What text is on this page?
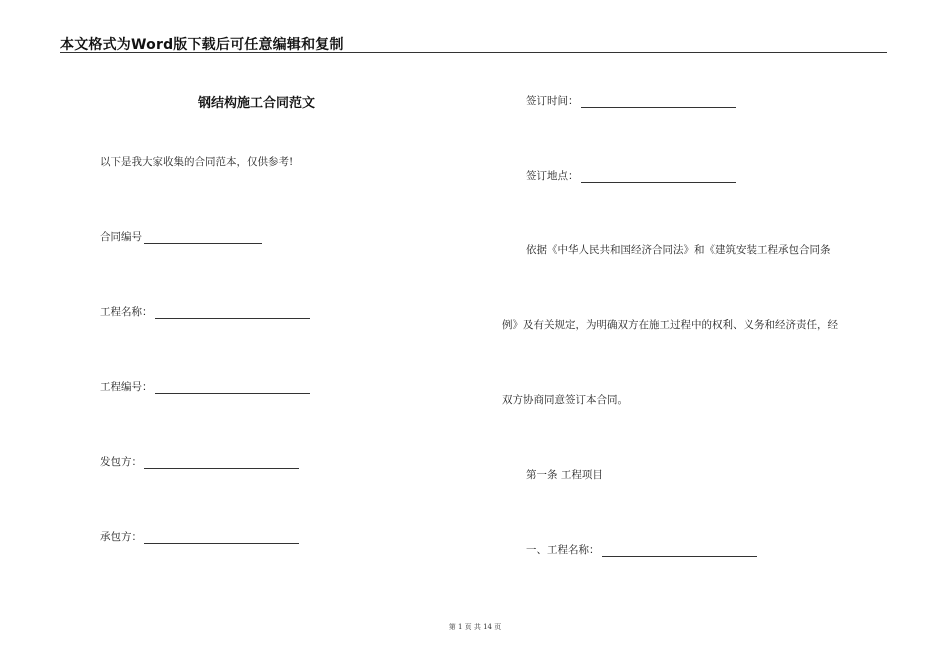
本文格式为Word版下载后可任意编辑和复制
钢结构施工合同范文
以下是我大家收集的合同范本，仅供参考!
合同编号
工程名称：
工程编号：
发包方：
承包方：
签订时间：
签订地点：
依据《中华人民共和国经济合同法》和《建筑安装工程承包合同条
例》及有关规定，为明确双方在施工过程中的权利、义务和经济责任，经
双方协商同意签订本合同。
第一条 工程项目
一、工程名称：
第 1 页 共 14 页
